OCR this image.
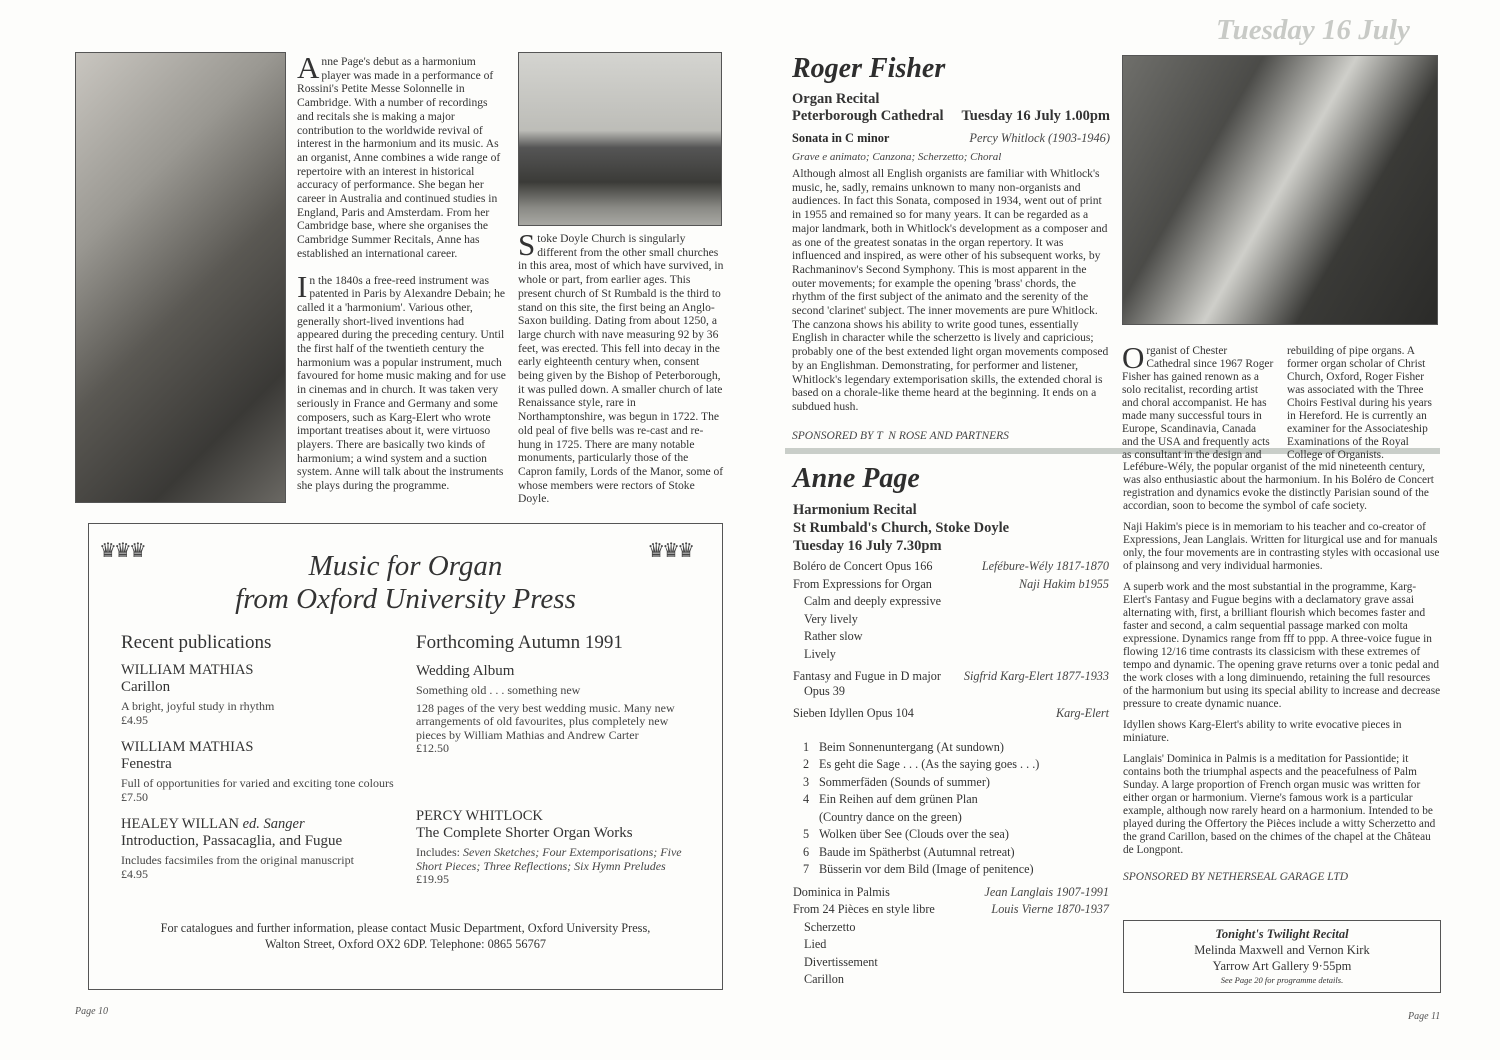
Anne Page's debut as a harmonium player was made in a performance of Rossini's Petite Messe Solonnelle in Cambridge. With a number of recordings and recitals she is making a major contribution to the worldwide revival of interest in the harmonium and its music. As an organist, Anne combines a wide range of repertoire with an interest in historical accuracy of performance. She began her career in Australia and continued studies in England, Paris and Amsterdam. From her Cambridge base, where she organises the Cambridge Summer Recitals, Anne has established an international career.

In the 1840s a free-reed instrument was patented in Paris by Alexandre Debain; he called it a 'harmonium'. Various other, generally short-lived inventions had appeared during the preceding century. Until the first half of the twentieth century the harmonium was a popular instrument, much favoured for home music making and for use in cinemas and in church. It was taken very seriously in France and Germany and some composers, such as Karg-Elert who wrote important treatises about it, were virtuoso players. There are basically two kinds of harmonium; a wind system and a suction system. Anne will talk about the instruments she plays during the programme.

Stoke Doyle Church is singularly different from the other small churches in this area, most of which have survived, in whole or part, from earlier ages. This present church of St Rumbald is the third to stand on this site, the first being an Anglo-Saxon building. Dating from about 1250, a large church with nave measuring 92 by 36 feet, was erected. This fell into decay in the early eighteenth century when, consent being given by the Bishop of Peterborough, it was pulled down. A smaller church of late Renaissance style, rare in Northamptonshire, was begun in 1722. The old peal of five bells was re-cast and re-hung in 1725. There are many notable monuments, particularly those of the Capron family, Lords of the Manor, some of whose members were rectors of Stoke Doyle.

♛♛♛	♛♛♛
Music for Organ
from Oxford University Press
Recent publications
WILLIAM MATHIAS
Carillon
A bright, joyful study in rhythm
£4.95
WILLIAM MATHIAS
Fenestra
Full of opportunities for varied and exciting tone colours
£7.50
HEALEY WILLAN ed. Sanger
Introduction, Passacaglia, and Fugue
Includes facsimiles from the original manuscript
£4.95
Forthcoming Autumn 1991
Wedding Album
Something old . . . something new
128 pages of the very best wedding music. Many new arrangements of old favourites, plus completely new pieces by William Mathias and Andrew Carter
£12.50
PERCY WHITLOCK
The Complete Shorter Organ Works
Includes: Seven Sketches; Four Extemporisations; Five Short Pieces; Three Reflections; Six Hymn Preludes
£19.95
For catalogues and further information, please contact Music Department, Oxford University Press,
Walton Street, Oxford OX2 6DP. Telephone: 0865 56767
Page 10
Tuesday 16 July
Roger Fisher
Organ Recital
Peterborough Cathedral Tuesday 16 July 1.00pm
Sonata in C minor	Percy Whitlock (1903-1946)
Grave e animato; Canzona; Scherzetto; Choral
Although almost all English organists are familiar with Whitlock's music, he, sadly, remains unknown to many non-organists and audiences. In fact this Sonata, composed in 1934, went out of print in 1955 and remained so for many years. It can be regarded as a major landmark, both in Whitlock's development as a composer and as one of the greatest sonatas in the organ repertory. It was influenced and inspired, as were other of his subsequent works, by Rachmaninov's Second Symphony. This is most apparent in the outer movements; for example the opening 'brass' chords, the rhythm of the first subject of the animato and the serenity of the second 'clarinet' subject. The inner movements are pure Whitlock. The canzona shows his ability to write good tunes, essentially English in character while the scherzetto is lively and capricious; probably one of the best extended light organ movements composed by an Englishman. Demonstrating, for performer and listener, Whitlock's legendary extemporisation skills, the extended choral is based on a chorale-like theme heard at the beginning. It ends on a subdued hush.
SPONSORED BY T  N ROSE AND PARTNERS
Organist of Chester Cathedral since 1967 Roger Fisher has gained renown as a solo recitalist, recording artist and choral accompanist. He has made many successful tours in Europe, Scandinavia, Canada and the USA and frequently acts as consultant in the design and
rebuilding of pipe organs. A former organ scholar of Christ Church, Oxford, Roger Fisher was associated with the Three Choirs Festival during his years in Hereford. He is currently an examiner for the Associateship Examinations of the Royal College of Organists.
Anne Page
Harmonium Recital
St Rumbald's Church, Stoke Doyle
Tuesday 16 July 7.30pm
Boléro de Concert Opus 166	Lefébure-Wély 1817-1870
From Expressions for Organ	Naji Hakim b1955
Calm and deeply expressive
Very lively
Rather slow
Lively
Fantasy and Fugue in D major Sigfrid Karg-Elert 1877-1933
Opus 39
Sieben Idyllen Opus 104	Karg-Elert
1 Beim Sonnenuntergang (At sundown)
2 Es geht die Sage . . . (As the saying goes . . .)
3 Sommerfäden (Sounds of summer)
4 Ein Reihen auf dem grünen Plan
(Country dance on the green)
5 Wolken über See (Clouds over the sea)
6 Baude im Spätherbst (Autumnal retreat)
7 Büsserin vor dem Bild (Image of penitence)
Dominica in Palmis	Jean Langlais 1907-1991
From 24 Pièces en style libre	Louis Vierne 1870-1937
Scherzetto
Lied
Divertissement
Carillon

Lefébure-Wély, the popular organist of the mid nineteenth century, was also enthusiastic about the harmonium. In his Boléro de Concert registration and dynamics evoke the distinctly Parisian sound of the accordian, soon to become the symbol of cafe society.

Naji Hakim's piece is in memoriam to his teacher and co-creator of Expressions, Jean Langlais. Written for liturgical use and for manuals only, the four movements are in contrasting styles with occasional use of plainsong and very individual harmonies.

A superb work and the most substantial in the programme, Karg-Elert's Fantasy and Fugue begins with a declamatory grave assai alternating with, first, a brilliant flourish which becomes faster and faster and second, a calm sequential passage marked con molta expressione. Dynamics range from fff to ppp. A three-voice fugue in flowing 12/16 time contrasts its classicism with these extremes of tempo and dynamic. The opening grave returns over a tonic pedal and the work closes with a long diminuendo, retaining the full resources of the harmonium but using its special ability to increase and decrease pressure to create dynamic nuance.

Idyllen shows Karg-Elert's ability to write evocative pieces in miniature.

Langlais' Dominica in Palmis is a meditation for Passiontide; it contains both the triumphal aspects and the peacefulness of Palm Sunday. A large proportion of French organ music was written for either organ or harmonium. Vierne's famous work is a particular example, although now rarely heard on a harmonium. Intended to be played during the Offertory the Pièces include a witty Scherzetto and the grand Carillon, based on the chimes of the chapel at the Château de Longpont.

SPONSORED BY NETHERSEAL GARAGE LTD
Tonight's Twilight Recital
Melinda Maxwell and Vernon Kirk
Yarrow Art Gallery 9·55pm
See Page 20 for programme details.
Page 11
